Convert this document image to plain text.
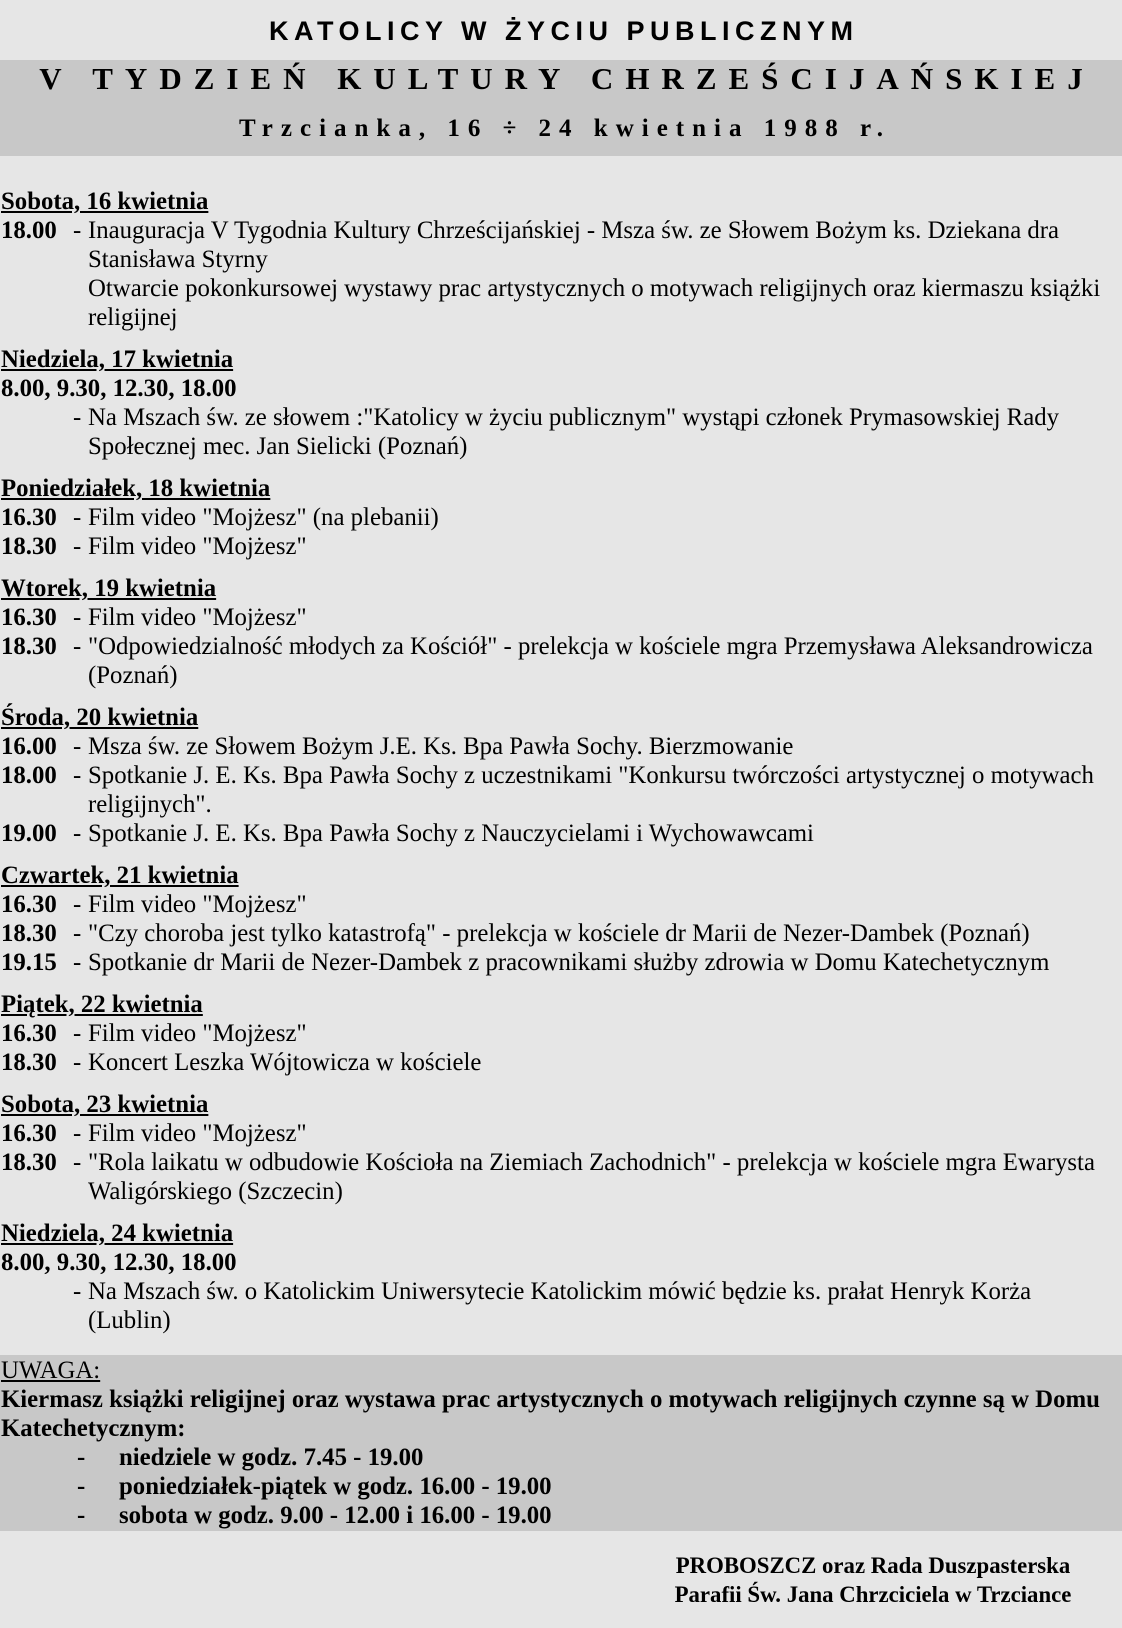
KATOLICY W ŻYCIU PUBLICZNYM
V TYDZIEŃ KULTURY CHRZEŚCIJAŃSKIEJ
Trzcianka, 16 ÷ 24 kwietnia 1988 r.
Sobota, 16 kwietnia
18.00 - Inauguracja V Tygodnia Kultury Chrześcijańskiej - Msza św. ze Słowem Bożym ks. Dziekana dra
Stanisława Styrny
Otwarcie pokonkursowej wystawy prac artystycznych o motywach religijnych oraz kiermaszu książki
religijnej
Niedziela, 17 kwietnia
8.00, 9.30, 12.30, 18.00
- Na Mszach św. ze słowem :"Katolicy w życiu publicznym" wystąpi członek Prymasowskiej Rady
Społecznej mec. Jan Sielicki (Poznań)
Poniedziałek, 18 kwietnia
16.30 - Film video "Mojżesz" (na plebanii)
18.30 - Film video "Mojżesz"
Wtorek, 19 kwietnia
16.30 - Film video "Mojżesz"
18.30 - "Odpowiedzialność młodych za Kościół" - prelekcja w kościele mgra Przemysława Aleksandrowicza
(Poznań)
Środa, 20 kwietnia
16.00 - Msza św. ze Słowem Bożym J.E. Ks. Bpa Pawła Sochy. Bierzmowanie
18.00 - Spotkanie J. E. Ks. Bpa Pawła Sochy z uczestnikami "Konkursu twórczości artystycznej o motywach
religijnych".
19.00 - Spotkanie J. E. Ks. Bpa Pawła Sochy z Nauczycielami i Wychowawcami
Czwartek, 21 kwietnia
16.30 - Film video "Mojżesz"
18.30 - "Czy choroba jest tylko katastrofą" - prelekcja w kościele dr Marii de Nezer-Dambek (Poznań)
19.15 - Spotkanie dr Marii de Nezer-Dambek z pracownikami służby zdrowia w Domu Katechetycznym
Piątek, 22 kwietnia
16.30 - Film video "Mojżesz"
18.30 - Koncert Leszka Wójtowicza w kościele
Sobota, 23 kwietnia
16.30 - Film video "Mojżesz"
18.30 - "Rola laikatu w odbudowie Kościoła na Ziemiach Zachodnich" - prelekcja w kościele mgra Ewarysta
Waligórskiego (Szczecin)
Niedziela, 24 kwietnia
8.00, 9.30, 12.30, 18.00
- Na Mszach św. o Katolickim Uniwersytecie Katolickim mówić będzie ks. prałat Henryk Korża
(Lublin)
UWAGA:
Kiermasz książki religijnej oraz wystawa prac artystycznych o motywach religijnych czynne są w Domu
Katechetycznym:
- niedziele w godz. 7.45 - 19.00
- poniedziałek-piątek w godz. 16.00 - 19.00
- sobota w godz. 9.00 - 12.00 i 16.00 - 19.00
PROBOSZCZ oraz Rada Duszpasterska
Parafii Św. Jana Chrzciciela w Trzciance
